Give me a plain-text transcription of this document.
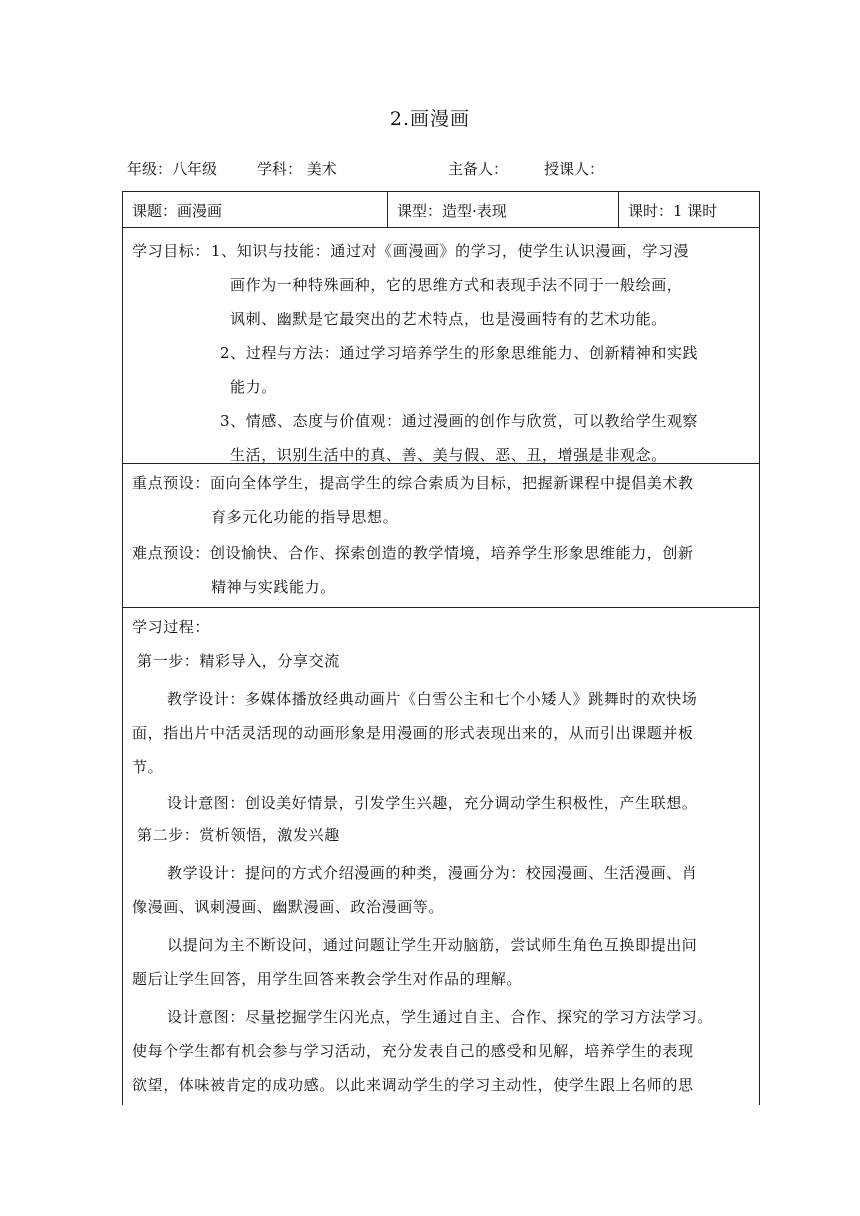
2.画漫画
年级：八年级	学科： 美术	主备人： 授课人：
课题：画漫画	课型：造型·表现	课时：1 课时
学习目标： 1、知识与技能：通过对《画漫画》的学习，使学生认识漫画，学习漫
画作为一种特殊画种，它的思维方式和表现手法不同于一般绘画，
讽刺、幽默是它最突出的艺术特点，也是漫画特有的艺术功能。
2、过程与方法：通过学习培养学生的形象思维能力、创新精神和实践
能力。
3、情感、态度与价值观：通过漫画的创作与欣赏，可以教给学生观察
生活，识别生活中的真、善、美与假、恶、丑，增强是非观念。
重点预设：面向全体学生，提高学生的综合索质为目标，把握新课程中提倡美术教
育多元化功能的指导思想。
难点预设：创设愉快、合作、探索创造的教学情境，培养学生形象思维能力，创新
精神与实践能力。
学习过程：
第一步：精彩导入，分享交流
教学设计：多媒体播放经典动画片《白雪公主和七个小矮人》跳舞时的欢快场
面，指出片中活灵活现的动画形象是用漫画的形式表现出来的，从而引出课题并板
节。
设计意图：创设美好情景，引发学生兴趣，充分调动学生积极性，产生联想。
第二步：赏析领悟，激发兴趣
教学设计：提问的方式介绍漫画的种类，漫画分为：校园漫画、生活漫画、肖
像漫画、讽刺漫画、幽默漫画、政治漫画等。
以提问为主不断设问，通过问题让学生开动脑筋，尝试师生角色互换即提出问
题后让学生回答，用学生回答来教会学生对作品的理解。
设计意图：尽量挖掘学生闪光点，学生通过自主、合作、探究的学习方法学习。
使每个学生都有机会参与学习活动，充分发表自己的感受和见解，培养学生的表现
欲望，体味被肯定的成功感。以此来调动学生的学习主动性，使学生跟上名师的思
